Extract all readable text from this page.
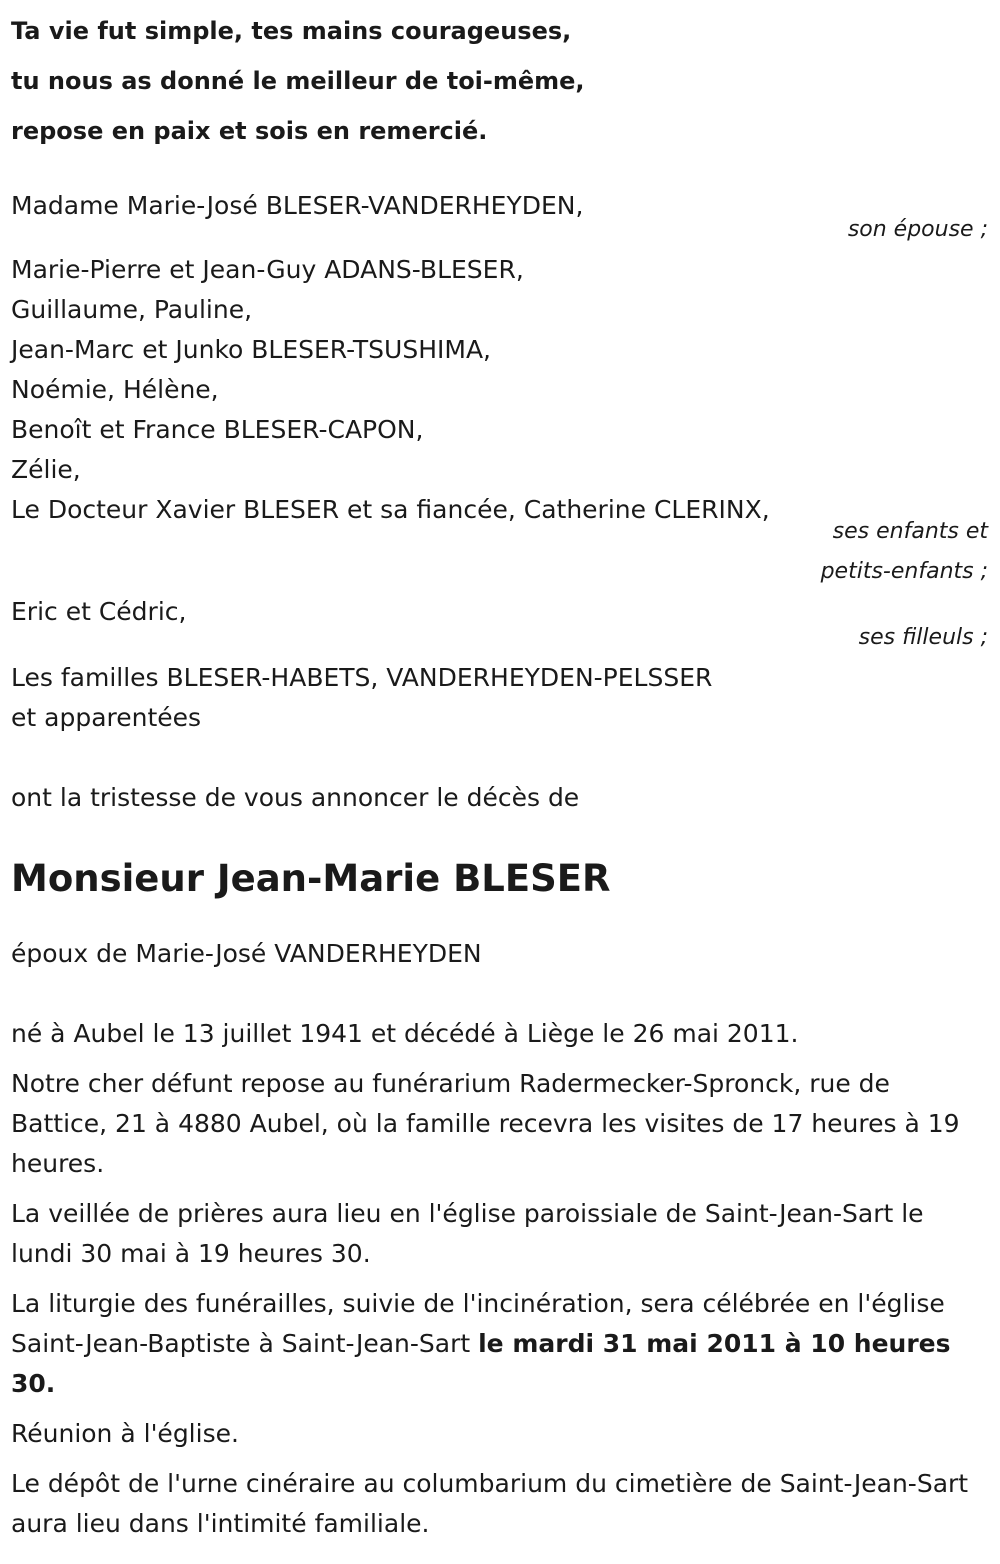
Ta vie fut simple, tes mains courageuses,

tu nous as donné le meilleur de toi-même,

repose en paix et sois en remercié.

Madame Marie-José BLESER-VANDERHEYDEN,
son épouse ;
Marie-Pierre et Jean-Guy ADANS-BLESER,
Guillaume, Pauline,
Jean-Marc et Junko BLESER-TSUSHIMA,
Noémie, Hélène,
Benoît et France BLESER-CAPON,
Zélie,
Le Docteur Xavier BLESER et sa fiancée, Catherine CLERINX,
ses enfants et
petits-enfants ;
Eric et Cédric,
ses filleuls ;
Les familles BLESER-HABETS, VANDERHEYDEN-PELSSER
et apparentées
ont la tristesse de vous annoncer le décès de
Monsieur Jean-Marie BLESER
époux de Marie-José VANDERHEYDEN

né à Aubel le 13 juillet 1941 et décédé à Liège le 26 mai 2011.

Notre cher défunt repose au funérarium Radermecker-Spronck, rue de Battice, 21 à 4880 Aubel, où la famille recevra les visites de 17 heures à 19 heures.

La veillée de prières aura lieu en l'église paroissiale de Saint-Jean-Sart le lundi 30 mai à 19 heures 30.

La liturgie des funérailles, suivie de l'incinération, sera célébrée en l'église Saint-Jean-Baptiste à Saint-Jean-Sart le mardi 31 mai 2011 à 10 heures 30.

Réunion à l'église.

Le dépôt de l'urne cinéraire au columbarium du cimetière de Saint-Jean-Sart aura lieu dans l'intimité familiale.
